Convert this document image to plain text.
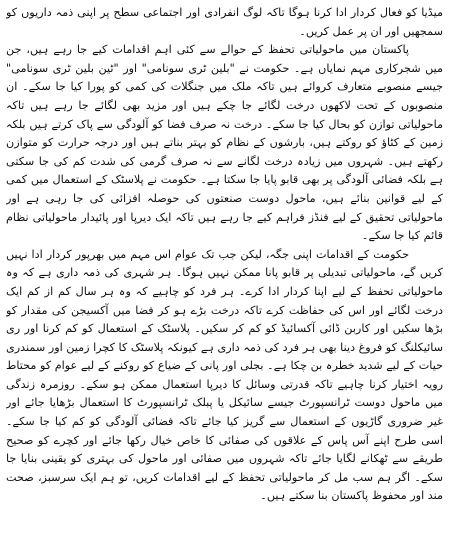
میڈیا کو فعال کردار ادا کرنا ہوگا تاکہ لوگ انفرادی اور اجتماعی سطح پر اپنی ذمہ داریوں کو سمجھیں اور ان پر عمل کریں۔

پاکستان میں ماحولیاتی تحفظ کے حوالے سے کئی اہم اقدامات کیے جا رہے ہیں، جن میں شجرکاری مہم نمایاں ہے۔ حکومت نے "بلین ٹری سونامی" اور "ٹین بلین ٹری سونامی" جیسے منصوبے متعارف کروائے ہیں تاکہ ملک میں جنگلات کی کمی کو پورا کیا جا سکے۔ ان منصوبوں کے تحت لاکھوں درخت لگائے جا چکے ہیں اور مزید بھی لگائے جا رہے ہیں تاکہ ماحولیاتی توازن کو بحال کیا جا سکے۔ درخت نہ صرف فضا کو آلودگی سے پاک کرتے ہیں بلکہ زمین کے کٹاؤ کو روکتے ہیں، بارشوں کے نظام کو بہتر بناتے ہیں اور درجہ حرارت کو متوازن رکھتے ہیں۔ شہروں میں زیادہ درخت لگانے سے نہ صرف گرمی کی شدت کم کی جا سکتی ہے بلکہ فضائی آلودگی پر بھی قابو پایا جا سکتا ہے۔ حکومت نے پلاسٹک کے استعمال میں کمی کے لیے قوانین بنائے ہیں، ماحول دوست صنعتوں کی حوصلہ افزائی کی جا رہی ہے اور ماحولیاتی تحقیق کے لیے فنڈز فراہم کیے جا رہے ہیں تاکہ ایک دیرپا اور پائیدار ماحولیاتی نظام قائم کیا جا سکے۔

حکومت کے اقدامات اپنی جگہ، لیکن جب تک عوام اس مہم میں بھرپور کردار ادا نہیں کریں گے، ماحولیاتی تبدیلی پر قابو پانا ممکن نہیں ہوگا۔ ہر شہری کی ذمہ داری ہے کہ وہ ماحولیاتی تحفظ کے لیے اپنا کردار ادا کرے۔ ہر فرد کو چاہیے کہ وہ ہر سال کم از کم ایک درخت لگائے اور اس کی حفاظت کرے تاکہ درخت بڑے ہو کر فضا میں آکسیجن کی مقدار کو بڑھا سکیں اور کاربن ڈائی آکسائیڈ کو کم کر سکیں۔ پلاسٹک کے استعمال کو کم کرنا اور ری سائیکلنگ کو فروغ دینا بھی ہر فرد کی ذمہ داری ہے کیونکہ پلاسٹک کا کچرا زمین اور سمندری حیات کے لیے شدید خطرہ بن چکا ہے۔ بجلی اور پانی کے ضیاع کو روکنے کے لیے عوام کو محتاط رویہ اختیار کرنا چاہیے تاکہ قدرتی وسائل کا دیرپا استعمال ممکن ہو سکے۔ روزمرہ زندگی میں ماحول دوست ٹرانسپورٹ جیسے سائیکل یا پبلک ٹرانسپورٹ کا استعمال بڑھایا جائے اور غیر ضروری گاڑیوں کے استعمال سے گریز کیا جائے تاکہ فضائی آلودگی کو کم کیا جا سکے۔ اسی طرح اپنے آس پاس کے علاقوں کی صفائی کا خاص خیال رکھا جائے اور کچرے کو صحیح طریقے سے ٹھکانے لگایا جائے تاکہ شہروں میں صفائی اور ماحول کی بہتری کو یقینی بنایا جا سکے۔ اگر ہم سب مل کر ماحولیاتی تحفظ کے لیے اقدامات کریں، تو ہم ایک سرسبز، صحت مند اور محفوظ پاکستان بنا سکتے ہیں۔
